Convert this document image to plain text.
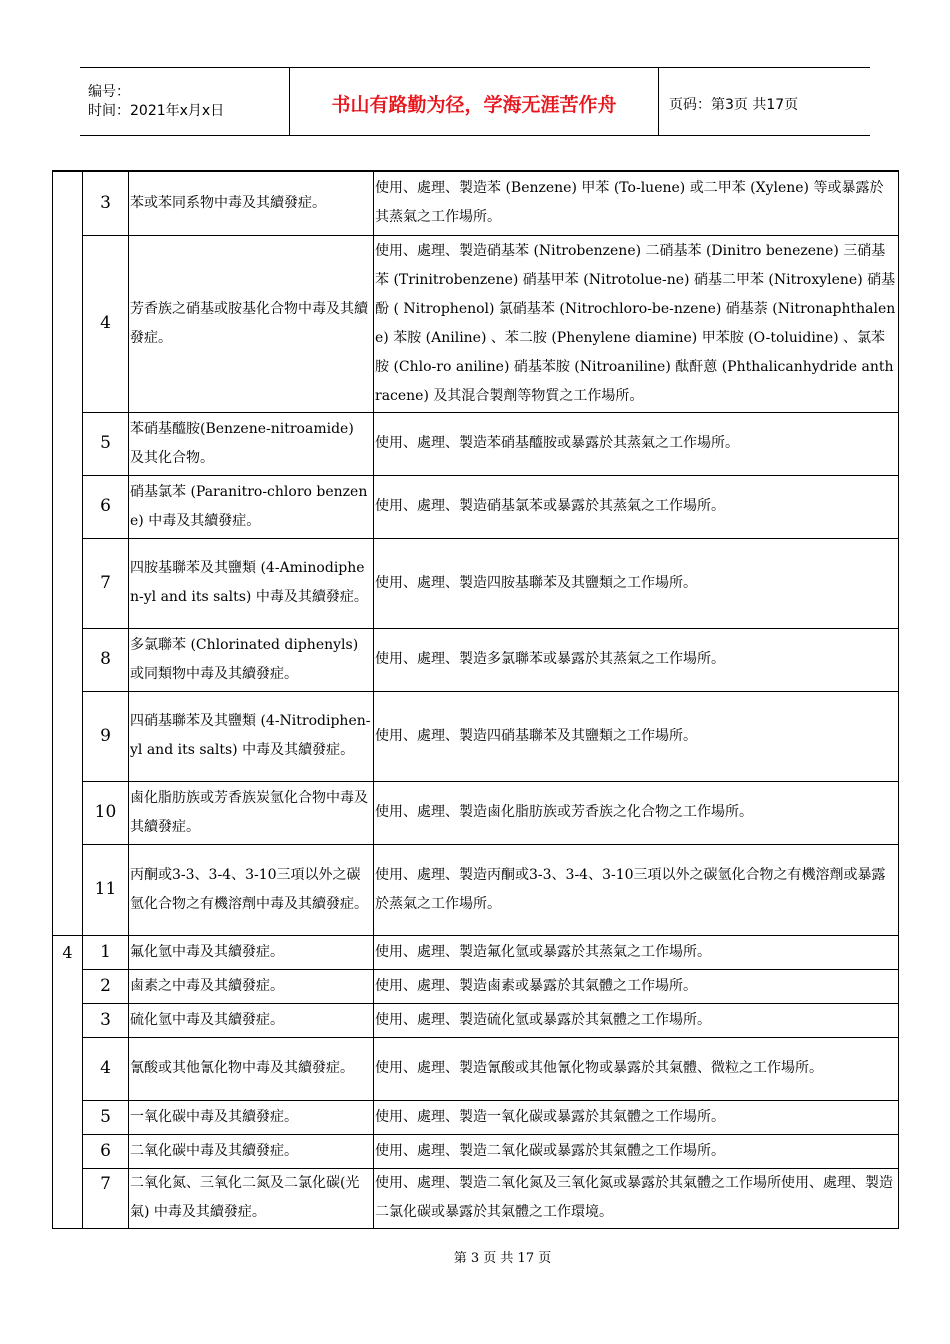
编号：
时间：2021年x月x日	书山有路勤为径，学海无涯苦作舟	页码：第3页 共17页
	3	苯或苯同系物中毒及其續發症。	使用、處理、製造苯 (Benzene) 甲苯 (To-luene) 或二甲苯 (Xylene) 等或暴露於其蒸氣之工作場所。
	4	芳香族之硝基或胺基化合物中毒及其續發症。	使用、處理、製造硝基苯 (Nitrobenzene) 二硝基苯 (Dinitro benezene) 三硝基苯 (Trinitrobenzene) 硝基甲苯 (Nitrotolue-ne) 硝基二甲苯 (Nitroxylene) 硝基酚 ( Nitrophenol) 氯硝基苯 (Nitrochloro-be-nzene) 硝基萘 (Nitronaphthalene) 苯胺 (Aniline) 、苯二胺 (Phenylene diamine) 甲苯胺 (O-toluidine) 、氯苯胺 (Chlo-ro aniline) 硝基苯胺 (Nitroaniline) 酞酐蒽 (Phthalicanhydride anthracene) 及其混合製劑等物質之工作場所。
	5	苯硝基醯胺(Benzene-nitroamide) 及其化合物。	使用、處理、製造苯硝基醯胺或暴露於其蒸氣之工作場所。
	6	硝基氯苯 (Paranitro-chloro benzene) 中毒及其續發症。	使用、處理、製造硝基氯苯或暴露於其蒸氣之工作場所。
	7	四胺基聯苯及其鹽類 (4-Aminodiphen-yl and its salts) 中毒及其續發症。	使用、處理、製造四胺基聯苯及其鹽類之工作場所。
	8	多氯聯苯 (Chlorinated diphenyls)或同類物中毒及其續發症。	使用、處理、製造多氯聯苯或暴露於其蒸氣之工作場所。
	9	四硝基聯苯及其鹽類 (4-Nitrodiphen-yl and its salts) 中毒及其續發症。	使用、處理、製造四硝基聯苯及其鹽類之工作場所。
	10	鹵化脂肪族或芳香族炭氫化合物中毒及其續發症。	使用、處理、製造鹵化脂肪族或芳香族之化合物之工作場所。
	11	丙酮或3-3、3-4、3-10三項以外之碳氫化合物之有機溶劑中毒及其續發症。	使用、處理、製造丙酮或3-3、3-4、3-10三項以外之碳氫化合物之有機溶劑或暴露於蒸氣之工作場所。
4	1	氟化氫中毒及其續發症。	使用、處理、製造氟化氫或暴露於其蒸氣之工作場所。
	2	鹵素之中毒及其續發症。	使用、處理、製造鹵素或暴露於其氣體之工作場所。
	3	硫化氫中毒及其續發症。	使用、處理、製造硫化氫或暴露於其氣體之工作場所。
	4	氰酸或其他氰化物中毒及其續發症。	使用、處理、製造氰酸或其他氰化物或暴露於其氣體、微粒之工作場所。
	5	一氧化碳中毒及其續發症。	使用、處理、製造一氧化碳或暴露於其氣體之工作場所。
	6	二氧化碳中毒及其續發症。	使用、處理、製造二氧化碳或暴露於其氣體之工作場所。
	7	二氧化氮、三氧化二氮及二氯化碳(光氣) 中毒及其續發症。	使用、處理、製造二氧化氮及三氧化氮或暴露於其氣體之工作場所使用、處理、製造二氯化碳或暴露於其氣體之工作環境。
第 3 页 共 17 页
